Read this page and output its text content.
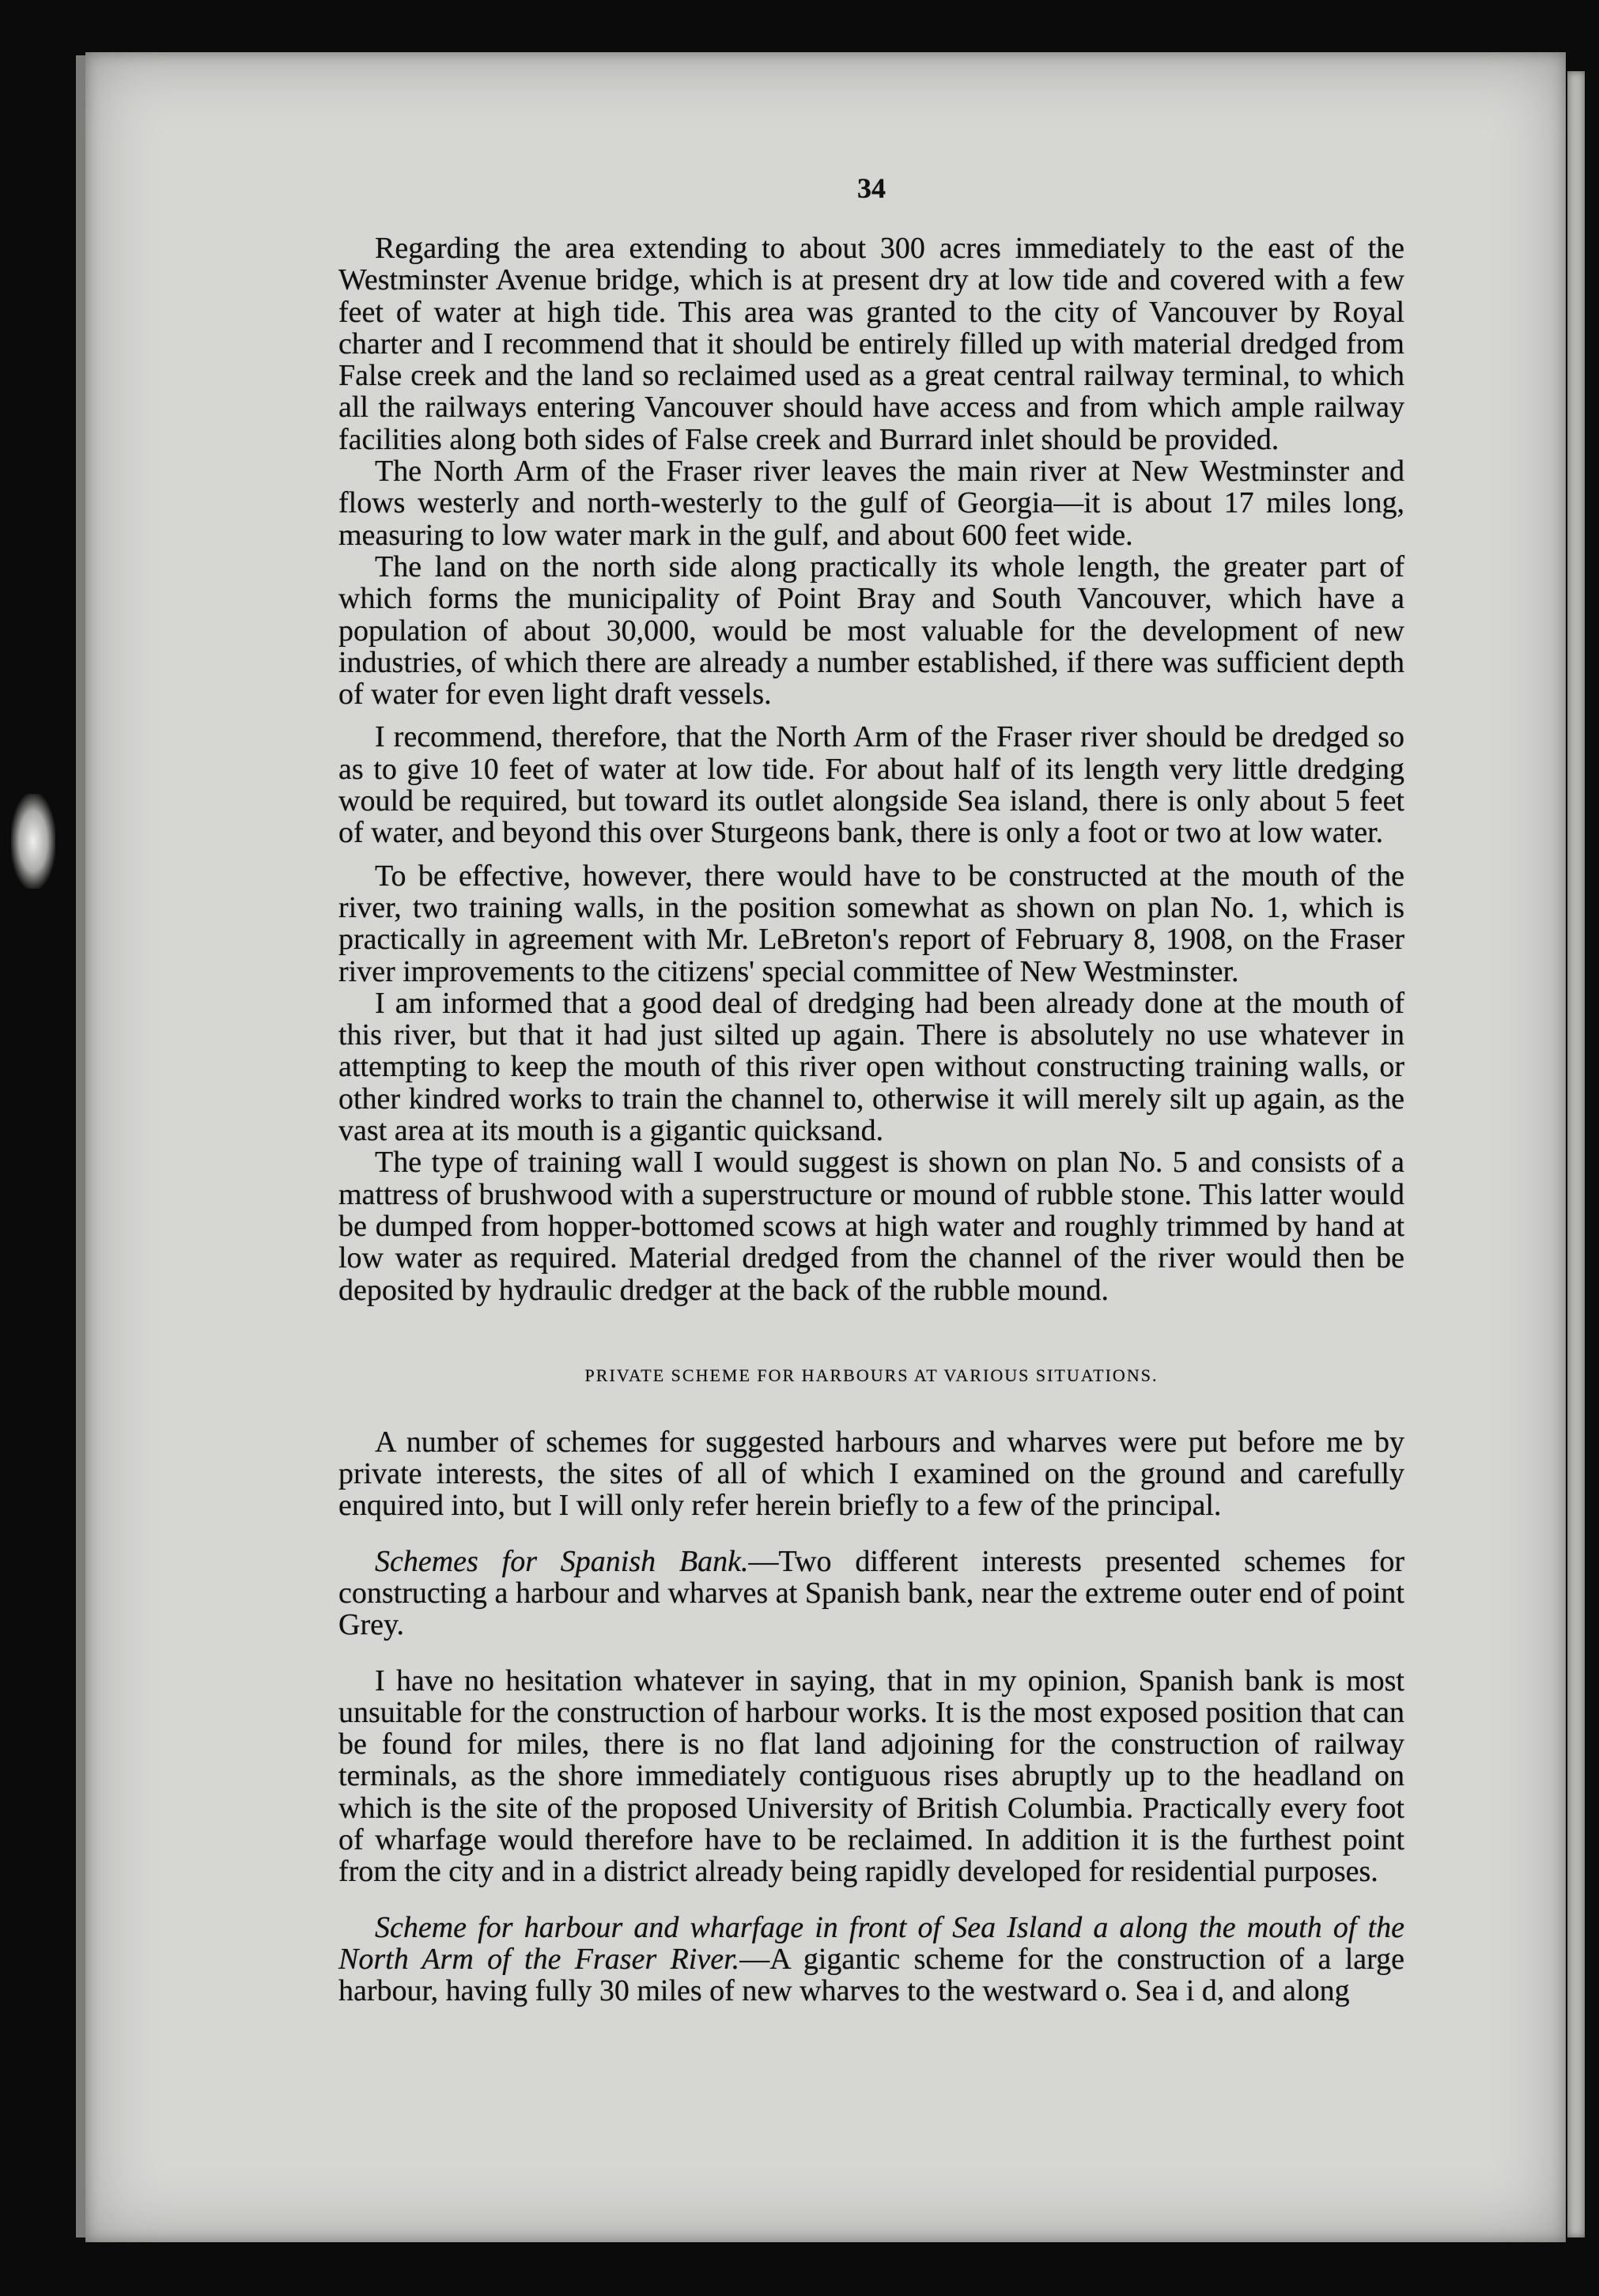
34

Regarding the area extending to about 300 acres immediately to the east of the Westminster Avenue bridge, which is at present dry at low tide and covered with a few feet of water at high tide. This area was granted to the city of Vancouver by Royal charter and I recommend that it should be entirely filled up with material dredged from False creek and the land so reclaimed used as a great central railway terminal, to which all the railways entering Vancouver should have access and from which ample railway facilities along both sides of False creek and Burrard inlet should be provided.

The North Arm of the Fraser river leaves the main river at New Westminster and flows westerly and north-westerly to the gulf of Georgia—it is about 17 miles long, measuring to low water mark in the gulf, and about 600 feet wide.

The land on the north side along practically its whole length, the greater part of which forms the municipality of Point Bray and South Vancouver, which have a population of about 30,000, would be most valuable for the development of new industries, of which there are already a number established, if there was sufficient depth of water for even light draft vessels.

I recommend, therefore, that the North Arm of the Fraser river should be dredged so as to give 10 feet of water at low tide. For about half of its length very little dredging would be required, but toward its outlet alongside Sea island, there is only about 5 feet of water, and beyond this over Sturgeons bank, there is only a foot or two at low water.

To be effective, however, there would have to be constructed at the mouth of the river, two training walls, in the position somewhat as shown on plan No. 1, which is practically in agreement with Mr. LeBreton's report of February 8, 1908, on the Fraser river improvements to the citizens' special committee of New Westminster.

I am informed that a good deal of dredging had been already done at the mouth of this river, but that it had just silted up again. There is absolutely no use whatever in attempting to keep the mouth of this river open without constructing training walls, or other kindred works to train the channel to, otherwise it will merely silt up again, as the vast area at its mouth is a gigantic quicksand.

The type of training wall I would suggest is shown on plan No. 5 and consists of a mattress of brushwood with a superstructure or mound of rubble stone. This latter would be dumped from hopper-bottomed scows at high water and roughly trimmed by hand at low water as required. Material dredged from the channel of the river would then be deposited by hydraulic dredger at the back of the rubble mound.

PRIVATE SCHEME FOR HARBOURS AT VARIOUS SITUATIONS.

A number of schemes for suggested harbours and wharves were put before me by private interests, the sites of all of which I examined on the ground and carefully enquired into, but I will only refer herein briefly to a few of the principal.

Schemes for Spanish Bank.—Two different interests presented schemes for constructing a harbour and wharves at Spanish bank, near the extreme outer end of point Grey.

I have no hesitation whatever in saying, that in my opinion, Spanish bank is most unsuitable for the construction of harbour works. It is the most exposed position that can be found for miles, there is no flat land adjoining for the construction of railway terminals, as the shore immediately contiguous rises abruptly up to the headland on which is the site of the proposed University of British Columbia. Practically every foot of wharfage would therefore have to be reclaimed. In addition it is the furthest point from the city and in a district already being rapidly developed for residential purposes.

Scheme for harbour and wharfage in front of Sea Island a along the mouth of the North Arm of the Fraser River.—A gigantic scheme for the construction of a large harbour, having fully 30 miles of new wharves to the westward o. Sea i d, and along
